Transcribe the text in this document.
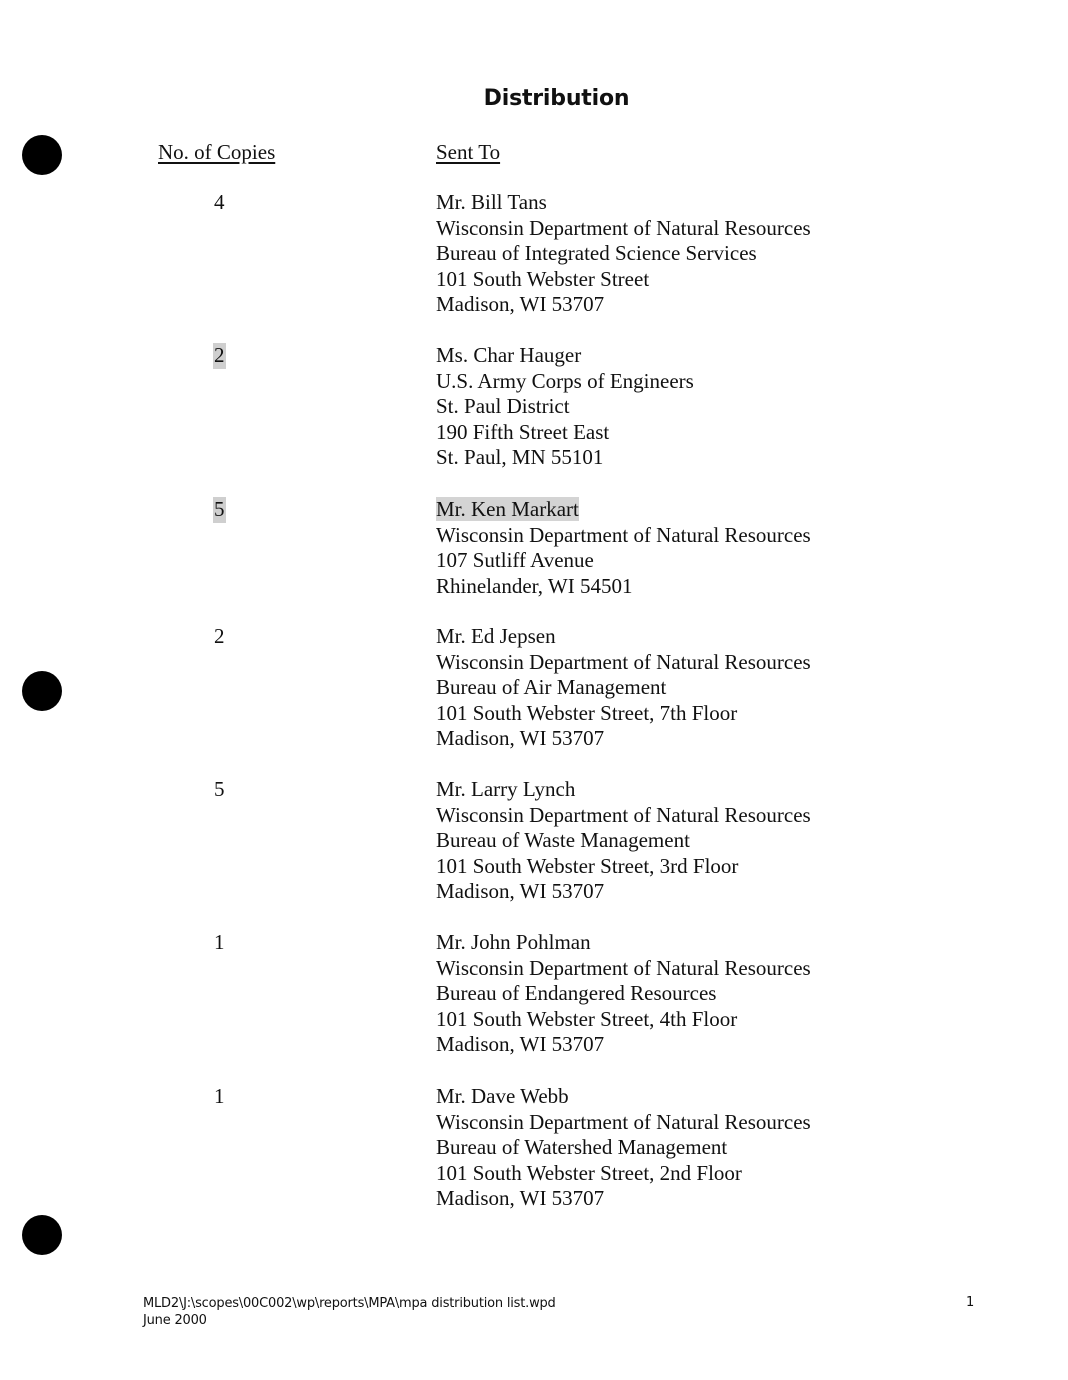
Distribution
No. of Copies	Sent To
4	Mr. Bill Tans
Wisconsin Department of Natural Resources
Bureau of Integrated Science Services
101 South Webster Street
Madison, WI 53707
2	Ms. Char Hauger
U.S. Army Corps of Engineers
St. Paul District
190 Fifth Street East
St. Paul, MN 55101
5	Mr. Ken Markart
Wisconsin Department of Natural Resources
107 Sutliff Avenue
Rhinelander, WI 54501
2	Mr. Ed Jepsen
Wisconsin Department of Natural Resources
Bureau of Air Management
101 South Webster Street, 7th Floor
Madison, WI 53707
5	Mr. Larry Lynch
Wisconsin Department of Natural Resources
Bureau of Waste Management
101 South Webster Street, 3rd Floor
Madison, WI 53707
1	Mr. John Pohlman
Wisconsin Department of Natural Resources
Bureau of Endangered Resources
101 South Webster Street, 4th Floor
Madison, WI 53707
1	Mr. Dave Webb
Wisconsin Department of Natural Resources
Bureau of Watershed Management
101 South Webster Street, 2nd Floor
Madison, WI 53707
MLD2\J:\scopes\00C002\wp\reports\MPA\mpa distribution list.wpd
June 2000
1
